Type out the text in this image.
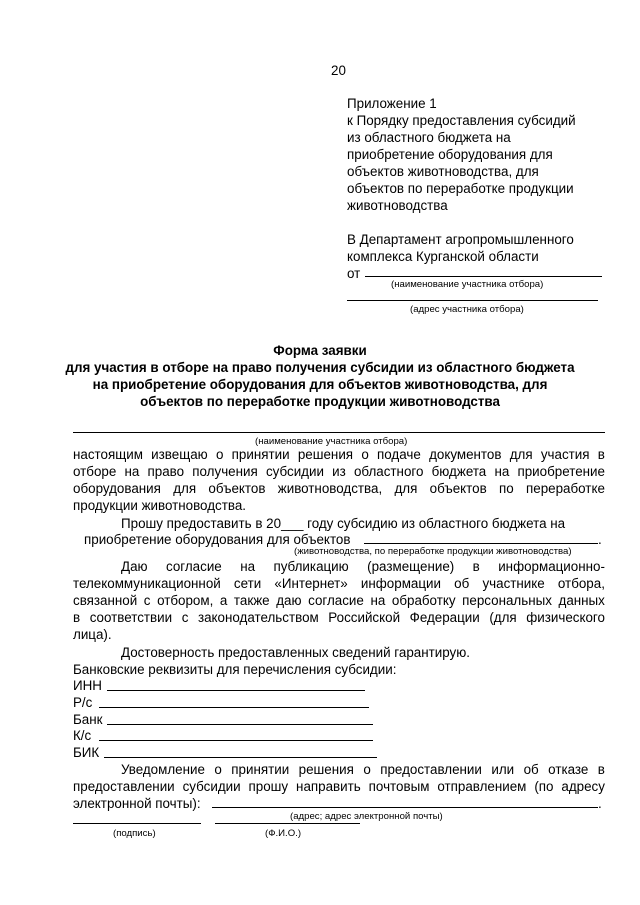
20
Приложение 1
к Порядку предоставления субсидий
из областного бюджета на
приобретение оборудования для
объектов животноводства, для
объектов по переработке продукции
животноводства
В Департамент агропромышленного
комплекса Курганской области
от
(наименование участника отбора)
(адрес участника отбора)
Форма заявки
для участия в отборе на право получения субсидии из областного бюджета
на приобретение оборудования для объектов животноводства, для
объектов по переработке продукции животноводства
(наименование участника отбора)
настоящим извещаю о принятии решения о подаче документов для участия в
отборе на право получения субсидии из областного бюджета на приобретение
оборудования для объектов животноводства, для объектов по переработке
продукции животноводства.
Прошу предоставить в 20___ году субсидию из областного бюджета на
приобретение оборудования для объектов	.
(животноводства, по переработке продукции животноводства)
Даю согласие на публикацию (размещение) в информационно-
телекоммуникационной сети «Интернет» информации об участнике отбора,
связанной с отбором, а также даю согласие на обработку персональных данных
в соответствии с законодательством Российской Федерации (для физического
лица).
Достоверность предоставленных сведений гарантирую.
Банковские реквизиты для перечисления субсидии:
ИНН
Р/с
Банк
К/с
БИК
Уведомление о принятии решения о предоставлении или об отказе в
предоставлении субсидии прошу направить почтовым отправлением (по адресу
электронной почты):	.
(адрес; адрес электронной почты)
(подпись)	(Ф.И.О.)
